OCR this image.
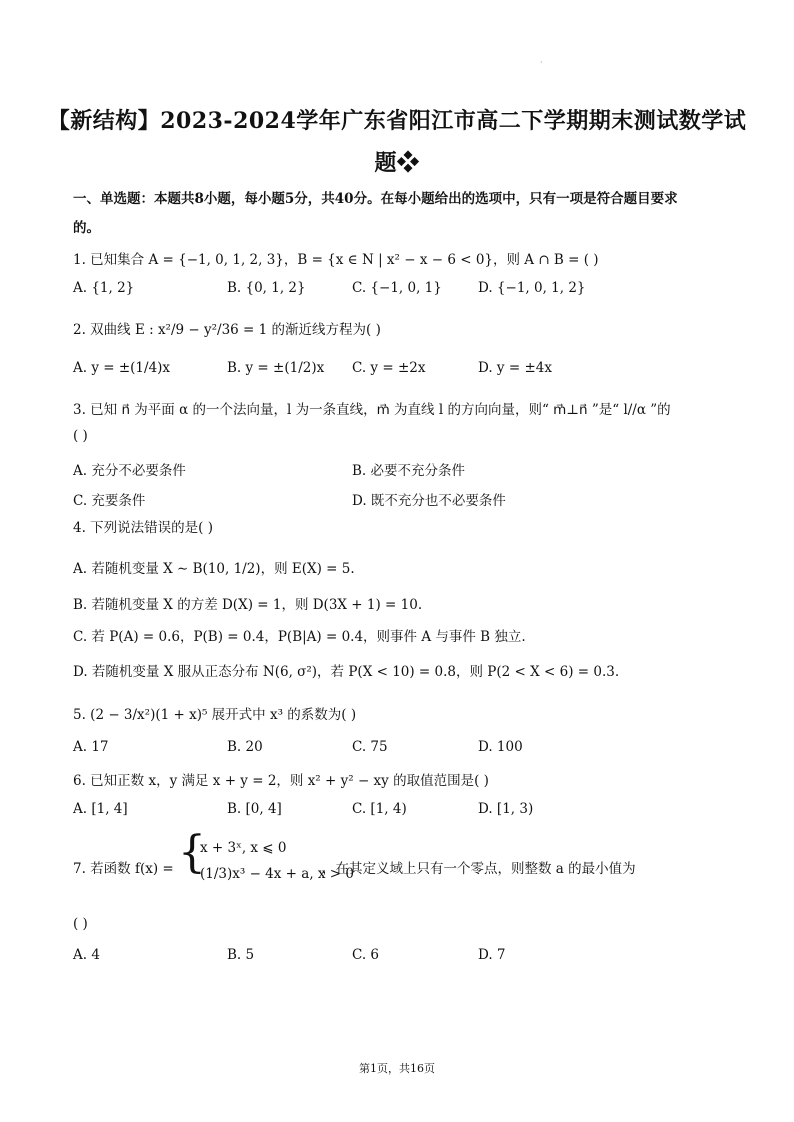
·
【新结构】2023-2024学年广东省阳江市高二下学期期末测试数学试
题❖
一、单选题：本题共8小题，每小题5分，共40分。在每小题给出的选项中，只有一项是符合题目要求
的。
1. 已知集合 A = {−1, 0, 1, 2, 3}，B = {x ∈ N | x² − x − 6 < 0}，则 A ∩ B = ( )
A. {1, 2}	B. {0, 1, 2}	C. {−1, 0, 1}	D. {−1, 0, 1, 2}
2. 双曲线 E : x²/9 − y²/36 = 1 的渐近线方程为( )
A. y = ±(1/4)x	B. y = ±(1/2)x C. y = ±2x	D. y = ±4x
3. 已知 n⃗ 为平面 α 的一个法向量，l 为一条直线，m⃗ 为直线 l 的方向向量，则“ m⃗⊥n⃗ ”是“ l//α ”的
( )
A. 充分不必要条件	B. 必要不充分条件
C. 充要条件	D. 既不充分也不必要条件
4. 下列说法错误的是( )
A. 若随机变量 X ∼ B(10, 1/2)，则 E(X) = 5.
B. 若随机变量 X 的方差 D(X) = 1，则 D(3X + 1) = 10.
C. 若 P(A) = 0.6，P(B) = 0.4，P(B|A) = 0.4，则事件 A 与事件 B 独立.
D. 若随机变量 X 服从正态分布 N(6, σ²)，若 P(X < 10) = 0.8，则 P(2 < X < 6) = 0.3.
5. (2 − 3/x²)(1 + x)⁵ 展开式中 x³ 的系数为( )
A. 17	B. 20	C. 75	D. 100
6. 已知正数 x，y 满足 x + y = 2，则 x² + y² − xy 的取值范围是( )
A. [1, 4]	B. [0, 4]	C. [1, 4)	D. [1, 3)
7. 若函数 f(x) = {
x + 3ˣ, x ⩽ 0
(1/3)x³ − 4x + a, x > 0
，在其定义域上只有一个零点，则整数 a 的最小值为
( )
A. 4	B. 5	C. 6	D. 7
第1页，共16页
